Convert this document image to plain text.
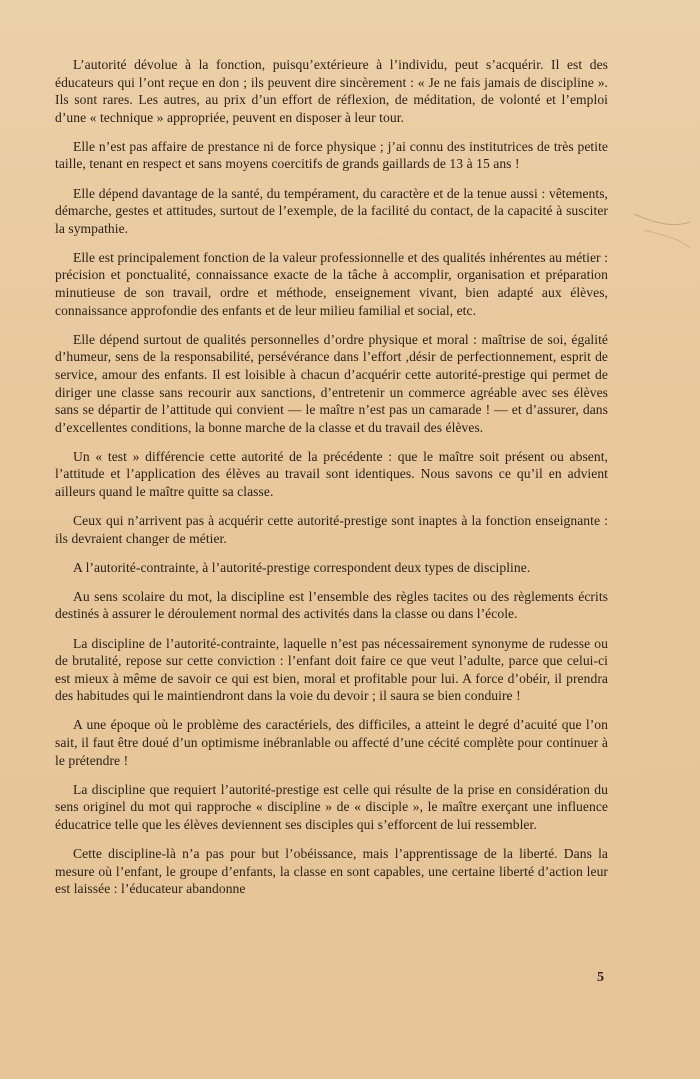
L’autorité dévolue à la fonction, puisqu’extérieure à l’individu, peut s’acquérir. Il est des éducateurs qui l’ont reçue en don ; ils peuvent dire sincèrement : « Je ne fais jamais de discipline ». Ils sont rares. Les autres, au prix d’un effort de réflexion, de méditation, de volonté et l’emploi d’une « technique » appropriée, peuvent en disposer à leur tour.

Elle n’est pas affaire de prestance ni de force physique ; j’ai connu des institutrices de très petite taille, tenant en respect et sans moyens coercitifs de grands gaillards de 13 à 15 ans !

Elle dépend davantage de la santé, du tempérament, du caractère et de la tenue aussi : vêtements, démarche, gestes et attitudes, surtout de l’exemple, de la facilité du contact, de la capacité à susciter la sympathie.

Elle est principalement fonction de la valeur professionnelle et des qualités inhérentes au métier : précision et ponctualité, connaissance exacte de la tâche à accomplir, organisation et préparation minutieuse de son travail, ordre et méthode, enseignement vivant, bien adapté aux élèves, connaissance approfondie des enfants et de leur milieu familial et social, etc.

Elle dépend surtout de qualités personnelles d’ordre physique et moral : maîtrise de soi, égalité d’humeur, sens de la responsabilité, persévérance dans l’effort ,désir de perfectionnement, esprit de service, amour des enfants. Il est loisible à chacun d’acquérir cette autorité-prestige qui permet de diriger une classe sans recourir aux sanctions, d’entretenir un commerce agréable avec ses élèves sans se départir de l’attitude qui convient — le maître n’est pas un camarade ! — et d’assurer, dans d’excellentes conditions, la bonne marche de la classe et du travail des élèves.

Un « test » différencie cette autorité de la précédente : que le maître soit présent ou absent, l’attitude et l’application des élèves au travail sont identiques. Nous savons ce qu’il en advient ailleurs quand le maître quitte sa classe.

Ceux qui n’arrivent pas à acquérir cette autorité-prestige sont inaptes à la fonction enseignante : ils devraient changer de métier.

A l’autorité-contrainte, à l’autorité-prestige correspondent deux types de discipline.

Au sens scolaire du mot, la discipline est l’ensemble des règles tacites ou des règlements écrits destinés à assurer le déroulement normal des activités dans la classe ou dans l’école.

La discipline de l’autorité-contrainte, laquelle n’est pas nécessairement synonyme de rudesse ou de brutalité, repose sur cette conviction : l’enfant doit faire ce que veut l’adulte, parce que celui-ci est mieux à même de savoir ce qui est bien, moral et profitable pour lui. A force d’obéir, il prendra des habitudes qui le maintiendront dans la voie du devoir ; il saura se bien conduire !

A une époque où le problème des caractériels, des difficiles, a atteint le degré d’acuité que l’on sait, il faut être doué d’un optimisme inébranlable ou affecté d’une cécité complète pour continuer à le prétendre !

La discipline que requiert l’autorité-prestige est celle qui résulte de la prise en considération du sens originel du mot qui rapproche « discipline » de « disciple », le maître exerçant une influence éducatrice telle que les élèves deviennent ses disciples qui s’efforcent de lui ressembler.

Cette discipline-là n’a pas pour but l’obéissance, mais l’apprentissage de la liberté. Dans la mesure où l’enfant, le groupe d’enfants, la classe en sont capables, une certaine liberté d’action leur est laissée : l’éducateur abandonne

5
